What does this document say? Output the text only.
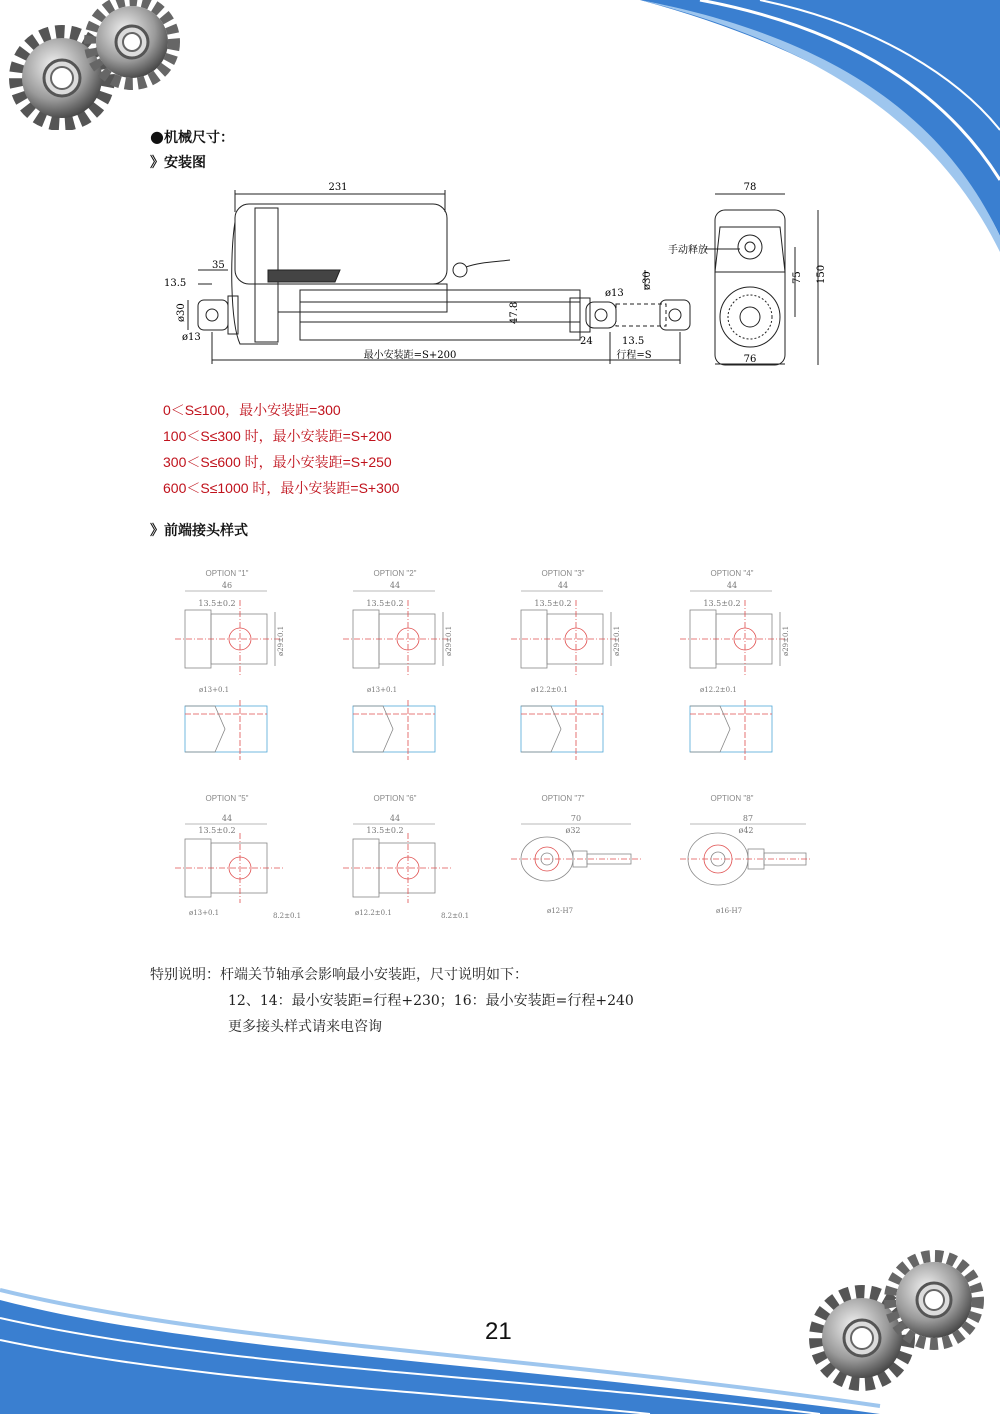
●机械尺寸：
》安装图
231
35
13.5
ø30
ø13
47.8
24
最小安装距=S+200	行程=S
ø13
ø30
13.5
78
76
75 150
手动释放
0＜S≤100，最小安装距=300
100＜S≤300 时，最小安装距=S+200
300＜S≤600 时，最小安装距=S+250
600＜S≤1000 时，最小安装距=S+300
》前端接头样式
OPTION "1"
46
13.5±0.2
ø29±0.1
ø13+0.1
OPTION "2"
44
13.5±0.2
ø29±0.1
ø13+0.1
OPTION "3"
44
13.5±0.2
ø29±0.1
ø12.2±0.1
OPTION "4"
44
13.5±0.2
ø29±0.1
ø12.2±0.1
OPTION "5"
44
13.5±0.2
ø13+0.1	8.2±0.1
OPTION "6"
44
13.5±0.2
ø12.2±0.1	8.2±0.1
OPTION "7"
70
ø32
ø12-H7
OPTION "8"
87
ø42
ø16-H7
特别说明：杆端关节轴承会影响最小安装距，尺寸说明如下：
12、14：最小安装距=行程+230；16：最小安装距=行程+240
更多接头样式请来电咨询
21
